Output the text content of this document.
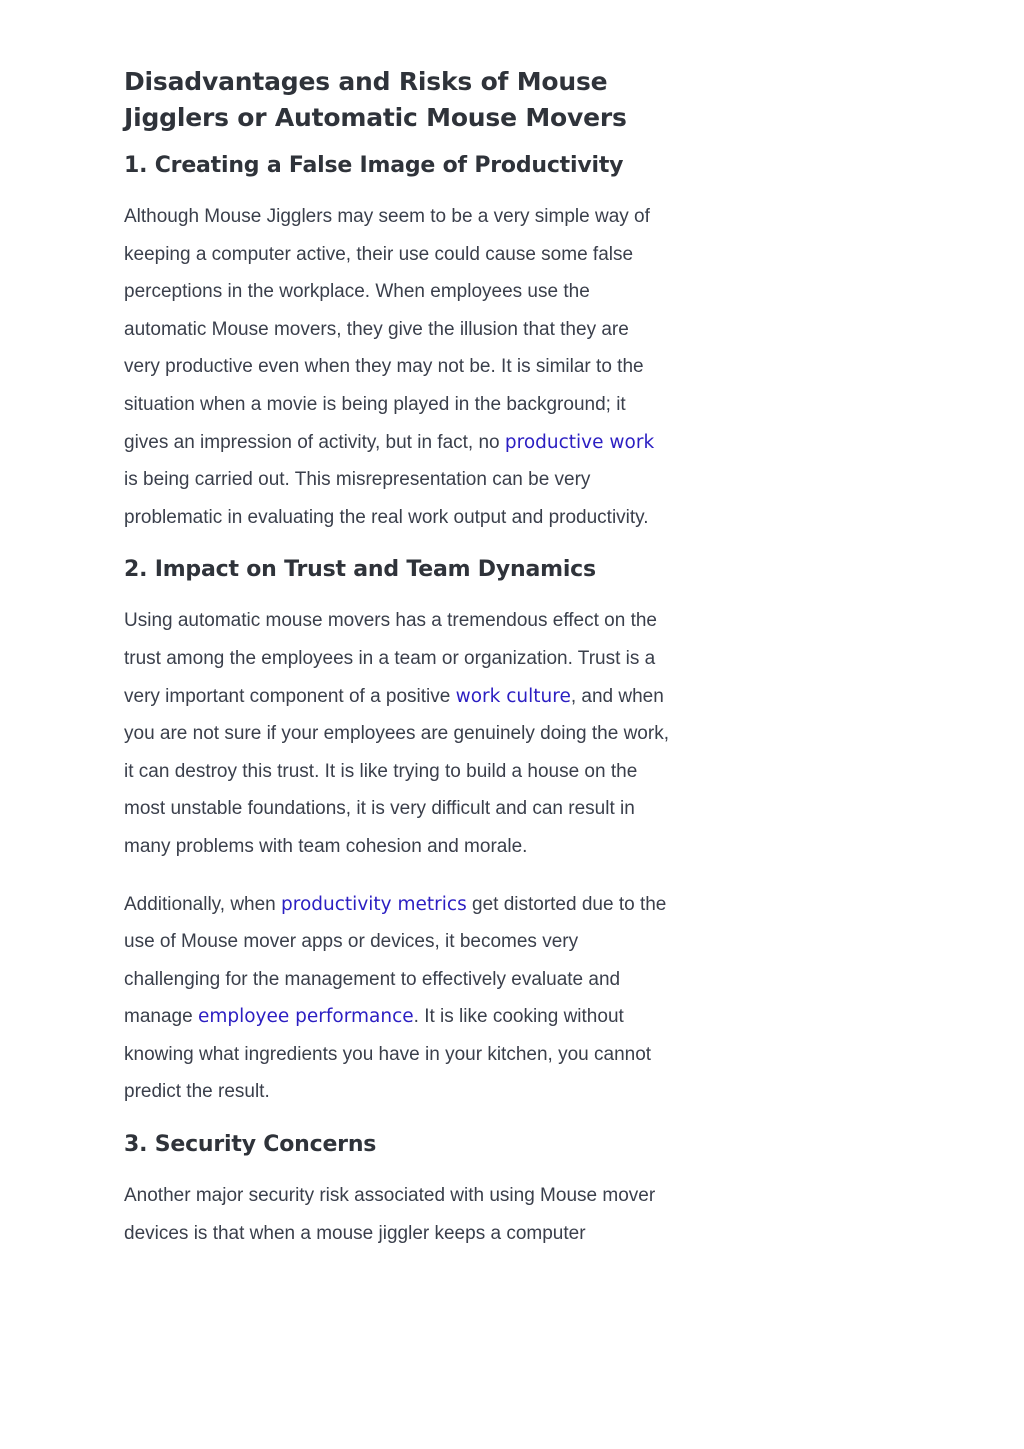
Disadvantages and Risks of Mouse Jigglers or Automatic Mouse Movers
1. Creating a False Image of Productivity

Although Mouse Jigglers may seem to be a very simple way of keeping a computer active, their use could cause some false perceptions in the workplace. When employees use the automatic Mouse movers, they give the illusion that they are very productive even when they may not be. It is similar to the situation when a movie is being played in the background; it gives an impression of activity, but in fact, no productive work is being carried out. This misrepresentation can be very problematic in evaluating the real work output and productivity.

2. Impact on Trust and Team Dynamics

Using automatic mouse movers has a tremendous effect on the trust among the employees in a team or organization. Trust is a very important component of a positive work culture, and when you are not sure if your employees are genuinely doing the work, it can destroy this trust. It is like trying to build a house on the most unstable foundations, it is very difficult and can result in many problems with team cohesion and morale.

Additionally, when productivity metrics get distorted due to the use of Mouse mover apps or devices, it becomes very challenging for the management to effectively evaluate and manage employee performance. It is like cooking without knowing what ingredients you have in your kitchen, you cannot predict the result.

3. Security Concerns

Another major security risk associated with using Mouse mover devices is that when a mouse jiggler keeps a computer
